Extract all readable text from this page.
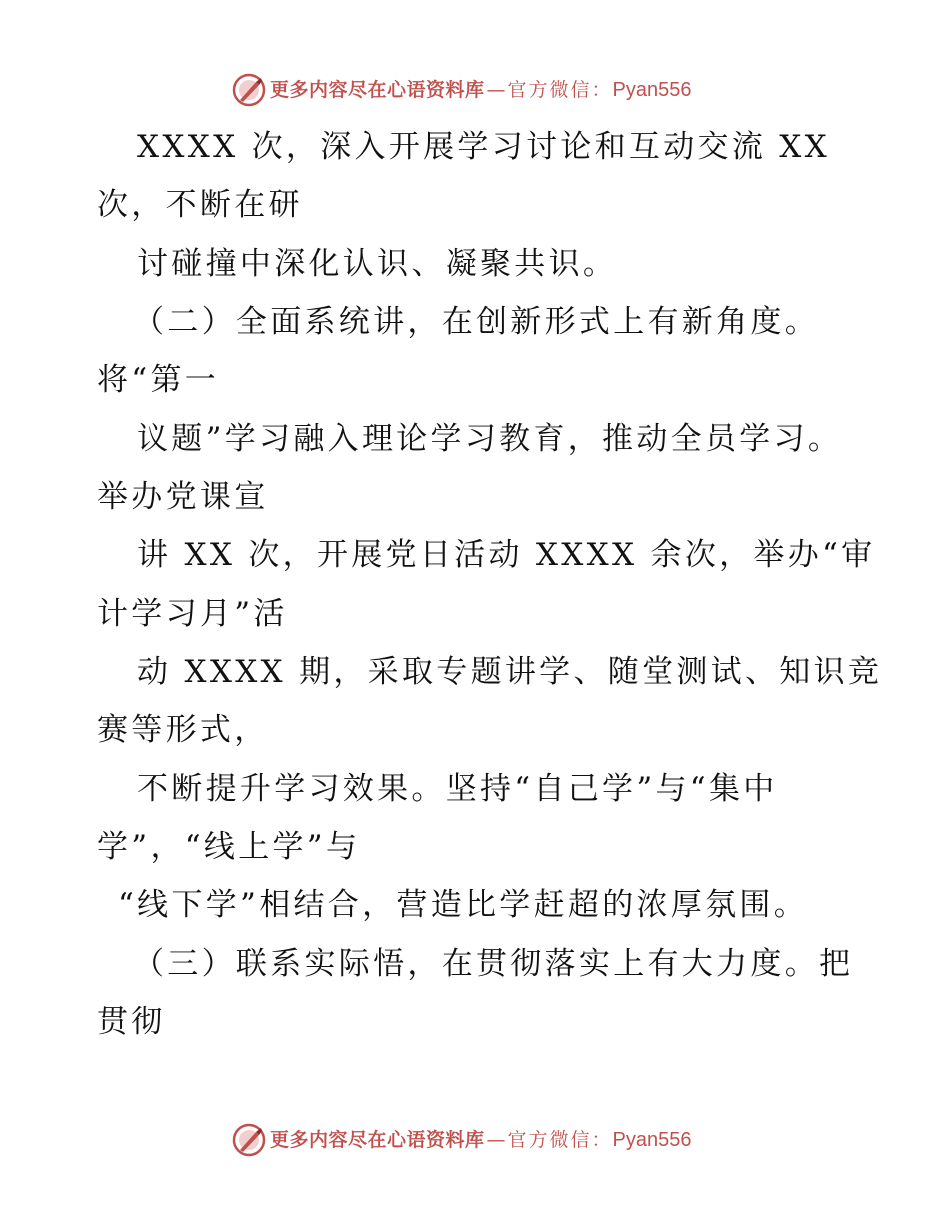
更多内容尽在心语资料库 — 官方微信： Pyan556
XXXX 次，深入开展学习讨论和互动交流 XX
次，不断在研
讨碰撞中深化认识、凝聚共识。
（二）全面系统讲，在创新形式上有新角度。
将“第一
议题”学习融入理论学习教育，推动全员学习。
举办党课宣
讲 XX 次，开展党日活动 XXXX 余次，举办“审
计学习月”活
动 XXXX 期，采取专题讲学、随堂测试、知识竞
赛等形式，
不断提升学习效果。坚持“自己学”与“集中
学”，“线上学”与
“线下学”相结合，营造比学赶超的浓厚氛围。
（三）联系实际悟，在贯彻落实上有大力度。把
贯彻
更多内容尽在心语资料库 — 官方微信： Pyan556
